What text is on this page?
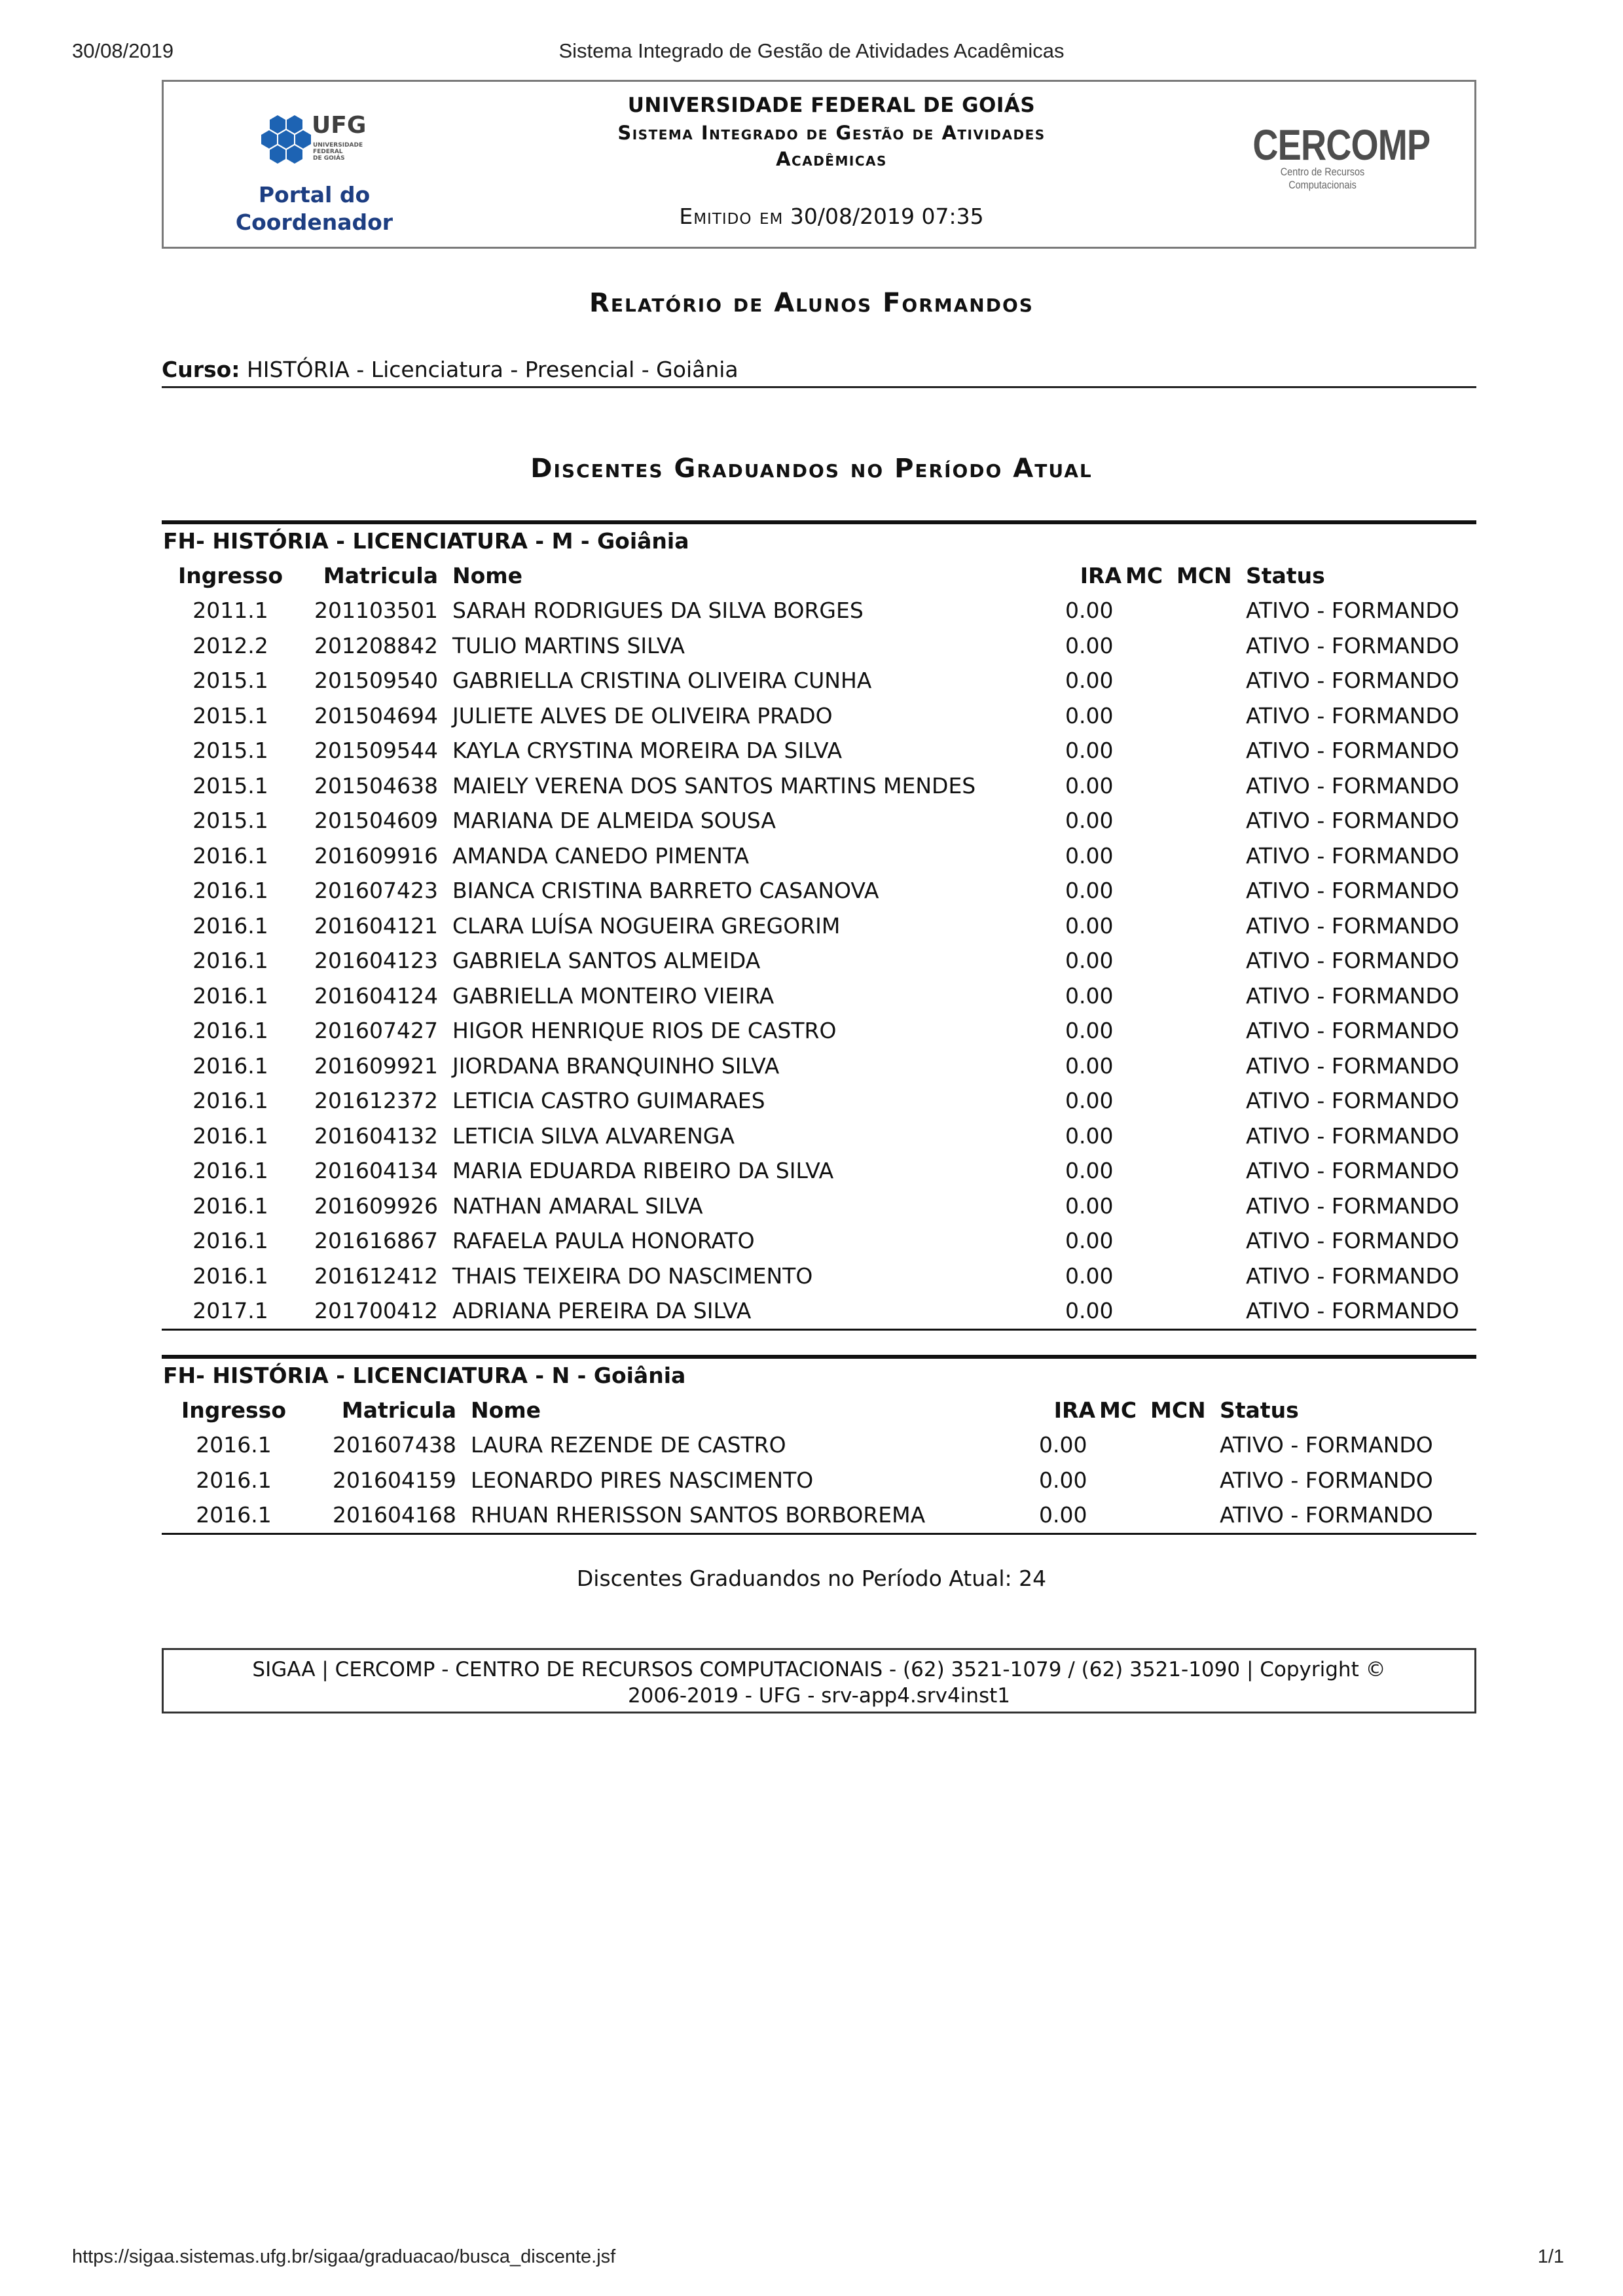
30/08/2019	Sistema Integrado de Gestão de Atividades Acadêmicas
UFG
UNIVERSIDADE FEDERAL DE GOIÁS
Portal do
Coordenador
UNIVERSIDADE FEDERAL DE GOIÁS
Sistema Integrado de Gestão de Atividades
Acadêmicas
Emitido em 30/08/2019 07:35
CERCOMP
Centro de Recursos Computacionais
Relatório de Alunos Formandos
Curso: HISTÓRIA - Licenciatura - Presencial - Goiânia
Discentes Graduandos no Período Atual
FH- HISTÓRIA - LICENCIATURA - M - Goiânia
Ingresso	Matricula	Nome	IRA	MC	MCN	Status
2011.1	201103501	SARAH RODRIGUES DA SILVA BORGES	0.00			ATIVO - FORMANDO
2012.2	201208842	TULIO MARTINS SILVA	0.00			ATIVO - FORMANDO
2015.1	201509540	GABRIELLA CRISTINA OLIVEIRA CUNHA	0.00			ATIVO - FORMANDO
2015.1	201504694	JULIETE ALVES DE OLIVEIRA PRADO	0.00			ATIVO - FORMANDO
2015.1	201509544	KAYLA CRYSTINA MOREIRA DA SILVA	0.00			ATIVO - FORMANDO
2015.1	201504638	MAIELY VERENA DOS SANTOS MARTINS MENDES	0.00			ATIVO - FORMANDO
2015.1	201504609	MARIANA DE ALMEIDA SOUSA	0.00			ATIVO - FORMANDO
2016.1	201609916	AMANDA CANEDO PIMENTA	0.00			ATIVO - FORMANDO
2016.1	201607423	BIANCA CRISTINA BARRETO CASANOVA	0.00			ATIVO - FORMANDO
2016.1	201604121	CLARA LUÍSA NOGUEIRA GREGORIM	0.00			ATIVO - FORMANDO
2016.1	201604123	GABRIELA SANTOS ALMEIDA	0.00			ATIVO - FORMANDO
2016.1	201604124	GABRIELLA MONTEIRO VIEIRA	0.00			ATIVO - FORMANDO
2016.1	201607427	HIGOR HENRIQUE RIOS DE CASTRO	0.00			ATIVO - FORMANDO
2016.1	201609921	JIORDANA BRANQUINHO SILVA	0.00			ATIVO - FORMANDO
2016.1	201612372	LETICIA CASTRO GUIMARAES	0.00			ATIVO - FORMANDO
2016.1	201604132	LETICIA SILVA ALVARENGA	0.00			ATIVO - FORMANDO
2016.1	201604134	MARIA EDUARDA RIBEIRO DA SILVA	0.00			ATIVO - FORMANDO
2016.1	201609926	NATHAN AMARAL SILVA	0.00			ATIVO - FORMANDO
2016.1	201616867	RAFAELA PAULA HONORATO	0.00			ATIVO - FORMANDO
2016.1	201612412	THAIS TEIXEIRA DO NASCIMENTO	0.00			ATIVO - FORMANDO
2017.1	201700412	ADRIANA PEREIRA DA SILVA	0.00			ATIVO - FORMANDO
FH- HISTÓRIA - LICENCIATURA - N - Goiânia
Ingresso	Matricula	Nome	IRA	MC	MCN	Status
2016.1	201607438	LAURA REZENDE DE CASTRO	0.00			ATIVO - FORMANDO
2016.1	201604159	LEONARDO PIRES NASCIMENTO	0.00			ATIVO - FORMANDO
2016.1	201604168	RHUAN RHERISSON SANTOS BORBOREMA	0.00			ATIVO - FORMANDO
Discentes Graduandos no Período Atual: 24
SIGAA | CERCOMP - CENTRO DE RECURSOS COMPUTACIONAIS - (62) 3521-1079 / (62) 3521-1090 | Copyright ©
2006-2019 - UFG - srv-app4.srv4inst1
https://sigaa.sistemas.ufg.br/sigaa/graduacao/busca_discente.jsf	1/1
